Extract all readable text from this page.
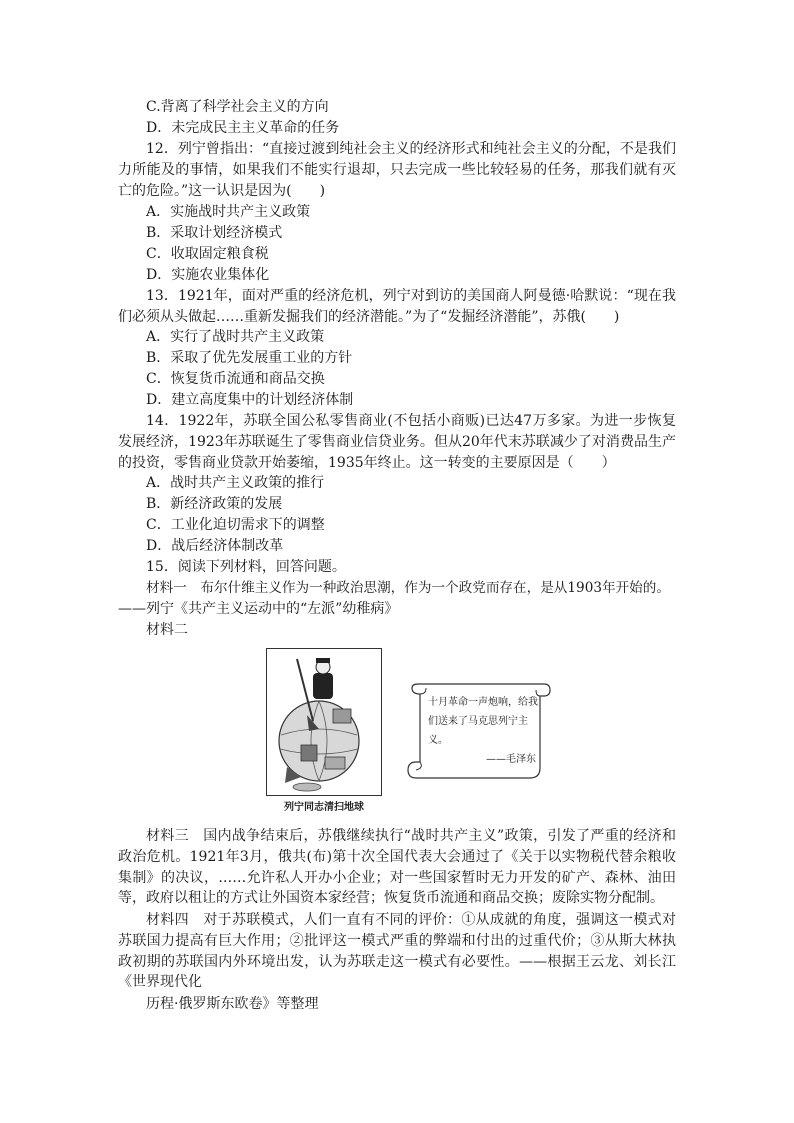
C.背离了科学社会主义的方向
D．未完成民主主义革命的任务
12．列宁曾指出：“直接过渡到纯社会主义的经济形式和纯社会主义的分配，不是我们力所能及的事情，如果我们不能实行退却，只去完成一些比较轻易的任务，那我们就有灭亡的危险。”这一认识是因为(　　)
A．实施战时共产主义政策
B．采取计划经济模式
C．收取固定粮食税
D．实施农业集体化
13．1921年，面对严重的经济危机，列宁对到访的美国商人阿曼德·哈默说：“现在我们必须从头做起……重新发掘我们的经济潜能。”为了“发掘经济潜能”，苏俄(　　)
A．实行了战时共产主义政策
B．采取了优先发展重工业的方针
C．恢复货币流通和商品交换
D．建立高度集中的计划经济体制
14．1922年，苏联全国公私零售商业(不包括小商贩)已达47万多家。为进一步恢复发展经济，1923年苏联诞生了零售商业信贷业务。但从20年代末苏联减少了对消费品生产的投资，零售商业贷款开始萎缩，1935年终止。这一转变的主要原因是（　　）
A．战时共产主义政策的推行
B．新经济政策的发展
C．工业化迫切需求下的调整
D．战后经济体制改革
15．阅读下列材料，回答问题。
材料一　布尔什维主义作为一种政治思潮，作为一个政党而存在，是从1903年开始的。
——列宁《共产主义运动中的“左派”幼稚病》
材料二
列宁同志清扫地球
十月革命一声炮响，给我们送来了马克思列宁主义。
——毛泽东
材料三　国内战争结束后，苏俄继续执行“战时共产主义”政策，引发了严重的经济和政治危机。1921年3月，俄共(布)第十次全国代表大会通过了《关于以实物税代替余粮收集制》的决议，……允许私人开办小企业；对一些国家暂时无力开发的矿产、森林、油田等，政府以租让的方式让外国资本家经营；恢复货币流通和商品交换；废除实物分配制。
材料四　对于苏联模式，人们一直有不同的评价：①从成就的角度，强调这一模式对苏联国力提高有巨大作用；②批评这一模式严重的弊端和付出的过重代价；③从斯大林执政初期的苏联国内外环境出发，认为苏联走这一模式有必要性。——根据王云龙、刘长江《世界现代化
历程·俄罗斯东欧卷》等整理
